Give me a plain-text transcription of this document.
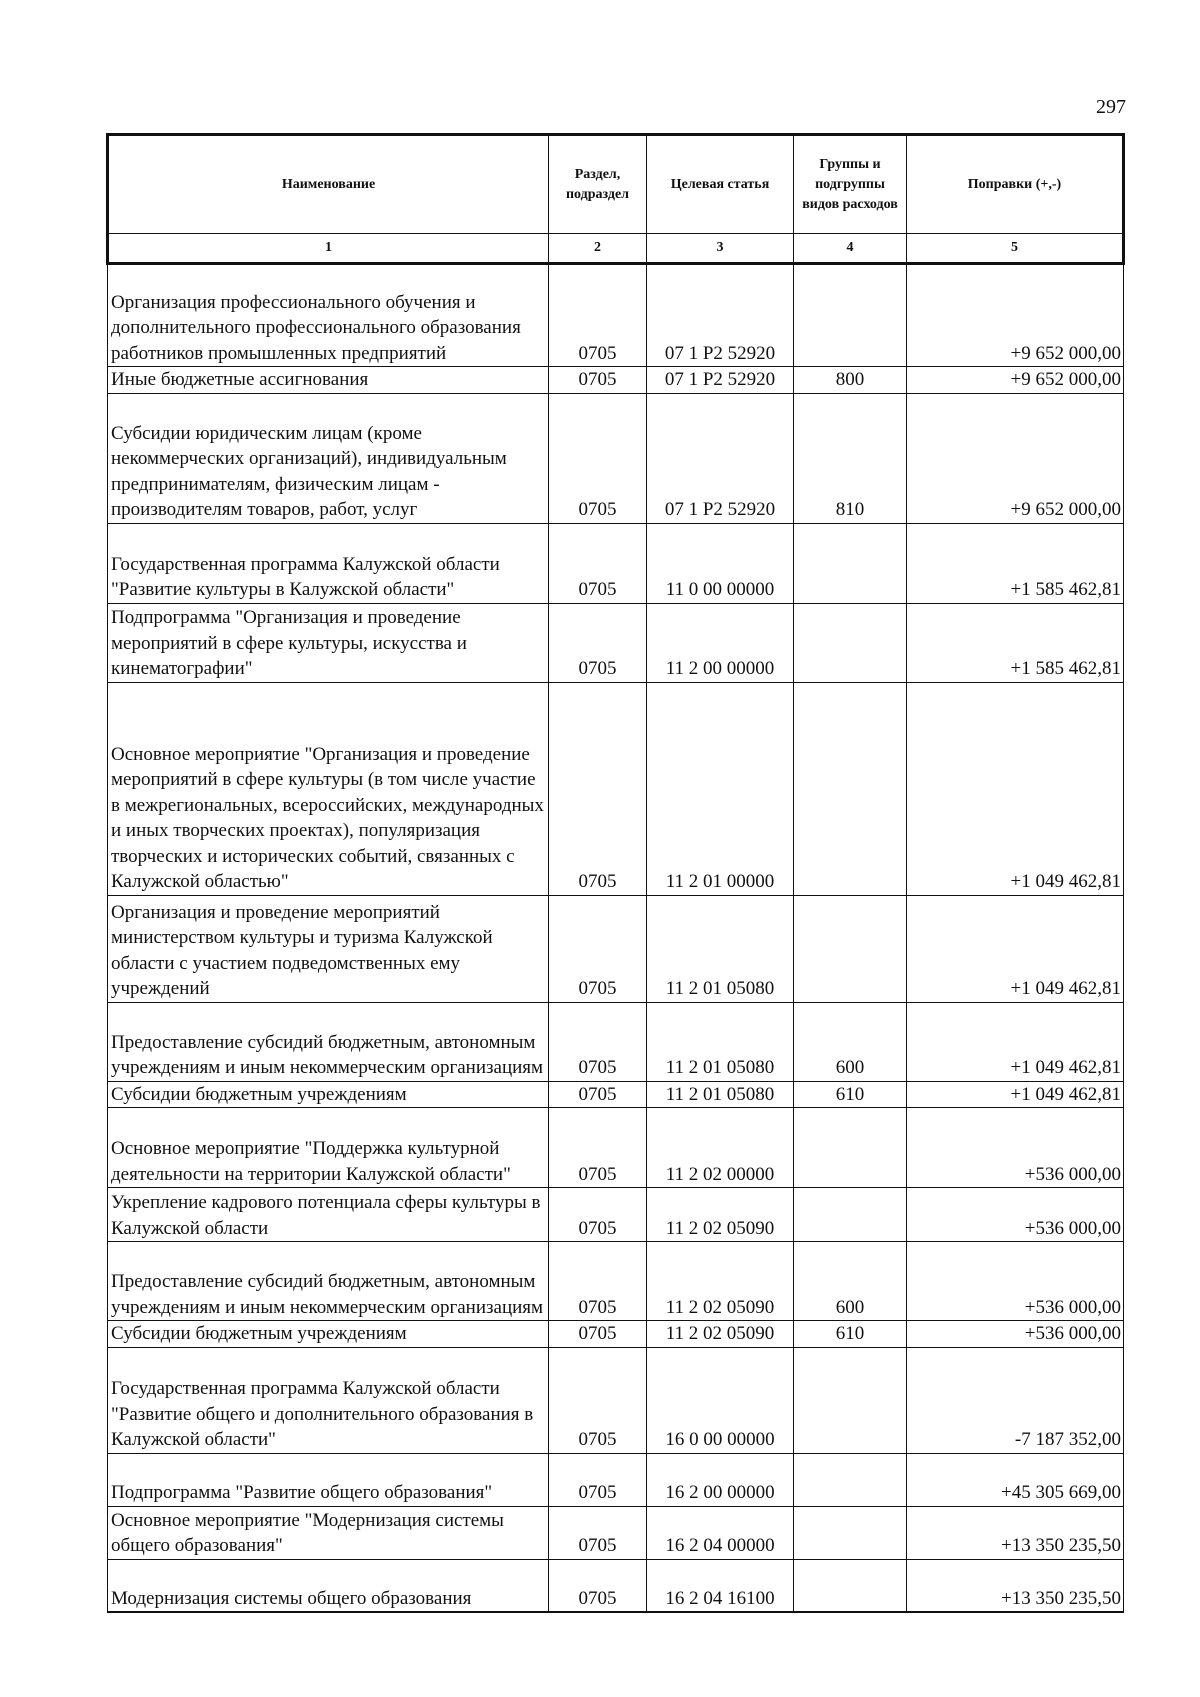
297
Наименование	Раздел, подраздел	Целевая статья	Группы и подгруппы видов расходов	Поправки (+,-)
1	2	3	4	5
Организация профессионального обучения и дополнительного профессионального образования работников промышленных предприятий	0705	07 1 Р2 52920		+9 652 000,00
Иные бюджетные ассигнования	0705	07 1 Р2 52920	800	+9 652 000,00
Субсидии юридическим лицам (кроме некоммерческих организаций), индивидуальным предпринимателям, физическим лицам - производителям товаров, работ, услуг	0705	07 1 Р2 52920	810	+9 652 000,00
Государственная программа Калужской области "Развитие культуры в Калужской области"	0705	11 0 00 00000		+1 585 462,81
Подпрограмма "Организация и проведение мероприятий в сфере культуры, искусства и кинематографии"	0705	11 2 00 00000		+1 585 462,81
Основное мероприятие "Организация и проведение мероприятий в сфере культуры (в том числе участие в межрегиональных, всероссийских, международных и иных творческих проектах), популяризация творческих и исторических событий, связанных с Калужской областью"	0705	11 2 01 00000		+1 049 462,81
Организация и проведение мероприятий министерством культуры и туризма Калужской области с участием подведомственных ему учреждений	0705	11 2 01 05080		+1 049 462,81
Предоставление субсидий бюджетным, автономным учреждениям и иным некоммерческим организациям	0705	11 2 01 05080	600	+1 049 462,81
Субсидии бюджетным учреждениям	0705	11 2 01 05080	610	+1 049 462,81
Основное мероприятие "Поддержка культурной деятельности на территории Калужской области"	0705	11 2 02 00000		+536 000,00
Укрепление кадрового потенциала сферы культуры в Калужской области	0705	11 2 02 05090		+536 000,00
Предоставление субсидий бюджетным, автономным учреждениям и иным некоммерческим организациям	0705	11 2 02 05090	600	+536 000,00
Субсидии бюджетным учреждениям	0705	11 2 02 05090	610	+536 000,00
Государственная программа Калужской области "Развитие общего и дополнительного образования в Калужской области"	0705	16 0 00 00000		-7 187 352,00
Подпрограмма "Развитие общего образования"	0705	16 2 00 00000		+45 305 669,00
Основное мероприятие "Модернизация системы общего образования"	0705	16 2 04 00000		+13 350 235,50
Модернизация системы общего образования	0705	16 2 04 16100		+13 350 235,50
